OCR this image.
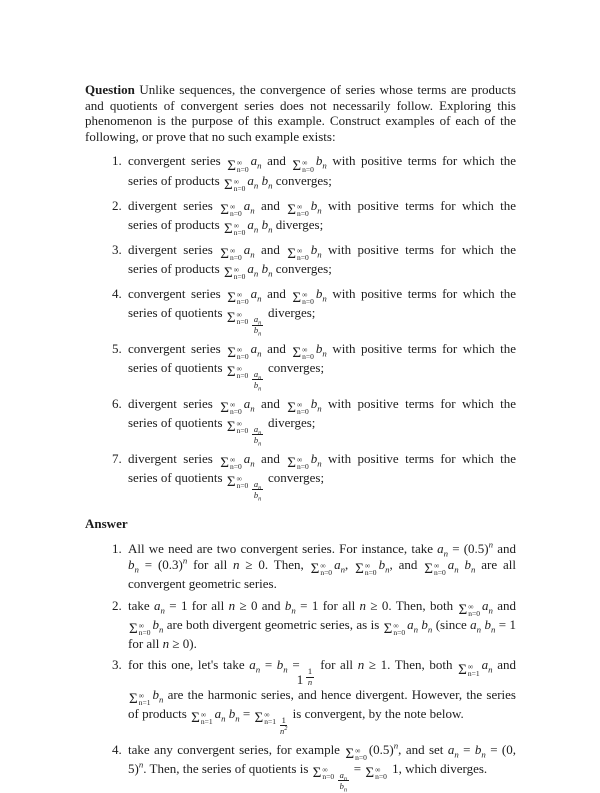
Question Unlike sequences, the convergence of series whose terms are products and quotients of convergent series does not necessarily follow. Exploring this phenomenon is the purpose of this example. Construct examples of each of the following, or prove that no such example exists:

1. convergent series Σ ∞
n=0
$a_n$ and Σ ∞
n=0
$b_n$ with positive terms for which the series of products Σ ∞
n=0
$a_n$ $b_n$ converges;
2. divergent series Σ ∞
n=0
$a_n$ and Σ ∞
n=0
$b_n$ with positive terms for which the series of products Σ ∞
n=0
$a_n$ $b_n$ diverges;
3. divergent series Σ ∞
n=0
$a_n$ and Σ ∞
n=0
$b_n$ with positive terms for which the series of products Σ ∞
n=0
$a_n$ $b_n$ converges;
4. convergent series Σ ∞
n=0
$a_n$ and Σ ∞
n=0
$b_n$ with positive terms for which the series of quotients Σ ∞
$n=0 \frac{a_n}{b_n}$
diverges;
5. convergent series Σ ∞
n=0
$a_n$ and Σ ∞
n=0
$b_n$ with positive terms for which the series of quotients Σ ∞
$n=0 \frac{a_n}{b_n}$
converges;
6. divergent series Σ ∞
n=0
$a_n$ and Σ ∞
n=0
$b_n$ with positive terms for which the series of quotients Σ ∞
$n=0 \frac{a_n}{b_n}$
diverges;
7. divergent series Σ ∞
n=0
$a_n$ and Σ ∞
n=0
$b_n$ with positive terms for which the series of quotients Σ ∞
$n=0 \frac{a_n}{b_n}$
converges;

Answer

1. All we need are two convergent series. For instance, take $a_n = (0.5)^n$ and $b_n = (0.3)^n$ for all n ≥ 0. Then, Σ ∞
n=0
$a_n$, Σ ∞
n=0
$b_n$, and Σ ∞
n=0
$a_n$ $b_n$ are all convergent geometric series.
2. take $a_n = 1$ for all n ≥ 0 and $b_n = 1$ for all n ≥ 0. Then, both Σ ∞
n=0
$a_n$ and
Σ ∞
n=0
$b_n$ are both divergent geometric series, as is Σ ∞
n=0
$a_n$ $b_n$ (since $a_n$ $b_n = 1$ for all n ≥ 0).
3. for this one, let's take $a_n = b_n$ =
$\frac{1}{n}$
for all n ≥ 1. Then, both Σ ∞
n=1
$a_n$ and
Σ ∞
n=1
$b_n$ are the harmonic series, and hence divergent. However, the series of products Σ ∞
n=1
$a_n$ $b_n = \Sigma$ ∞
$n=1 \frac{1}{n^2}$
is convergent, by the note below.
4. take any convergent series, for example Σ ∞
n=0
$(0.5)^n$, and set $a_n = b_n = (0$, 5)$^n$. Then, the series of quotients is Σ ∞
$n=0 \frac{a_n}{b_n}$
= Σ ∞
n=0
1, which diverges.
1
